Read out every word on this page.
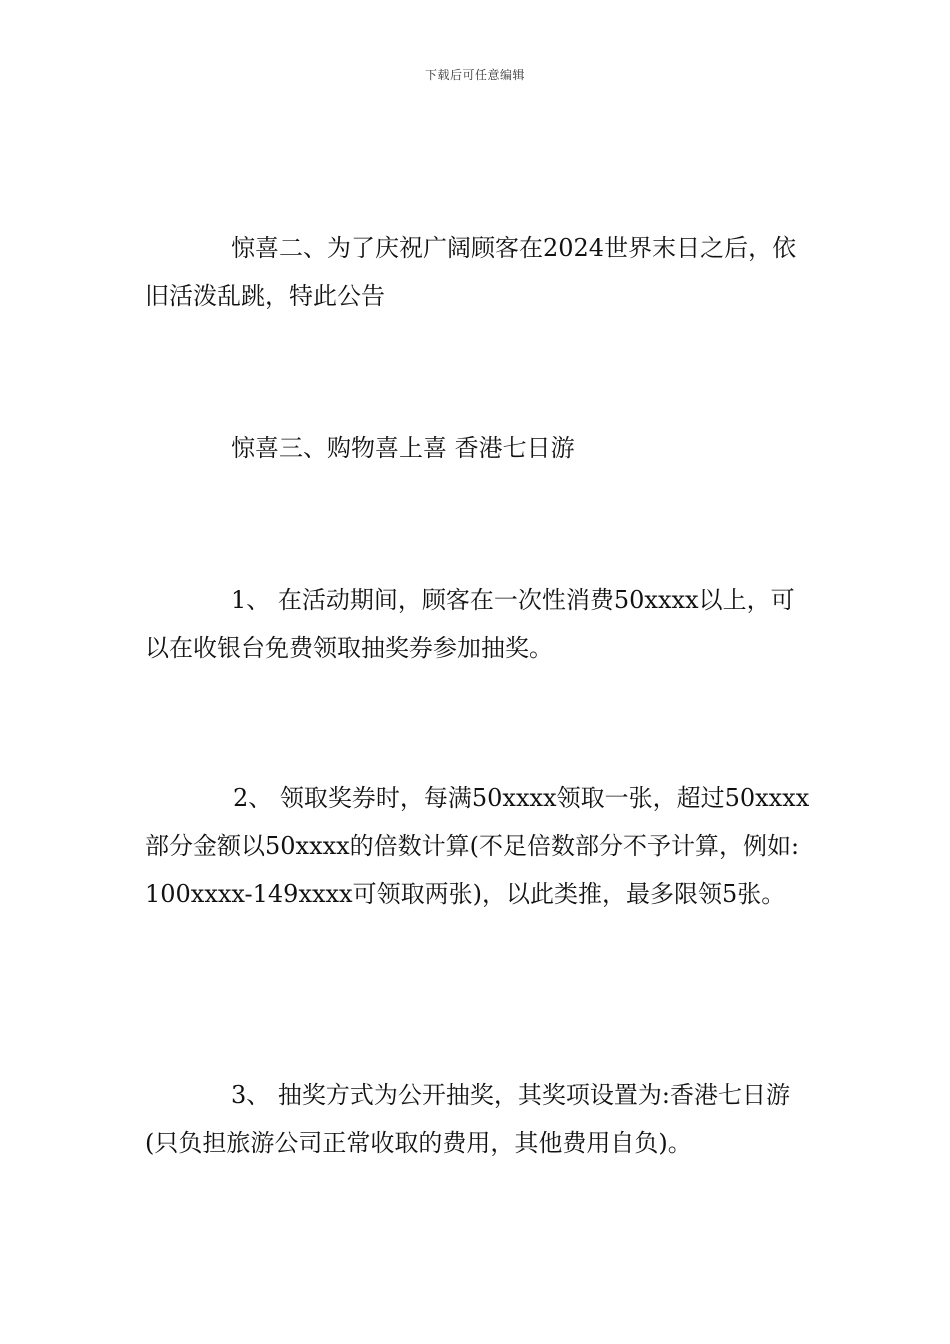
下载后可任意编辑
惊喜二、为了庆祝广阔顾客在2024世界末日之后，依旧活泼乱跳，特此公告
惊喜三、购物喜上喜 香港七日游
1、 在活动期间，顾客在一次性消费50xxxx以上，可以在收银台免费领取抽奖券参加抽奖。
2、 领取奖券时，每满50xxxx领取一张，超过50xxxx部分金额以50xxxx的倍数计算(不足倍数部分不予计算，例如:100xxxx-149xxxx可领取两张)，以此类推，最多限领5张。
3、 抽奖方式为公开抽奖，其奖项设置为:香港七日游(只负担旅游公司正常收取的费用，其他费用自负)。
